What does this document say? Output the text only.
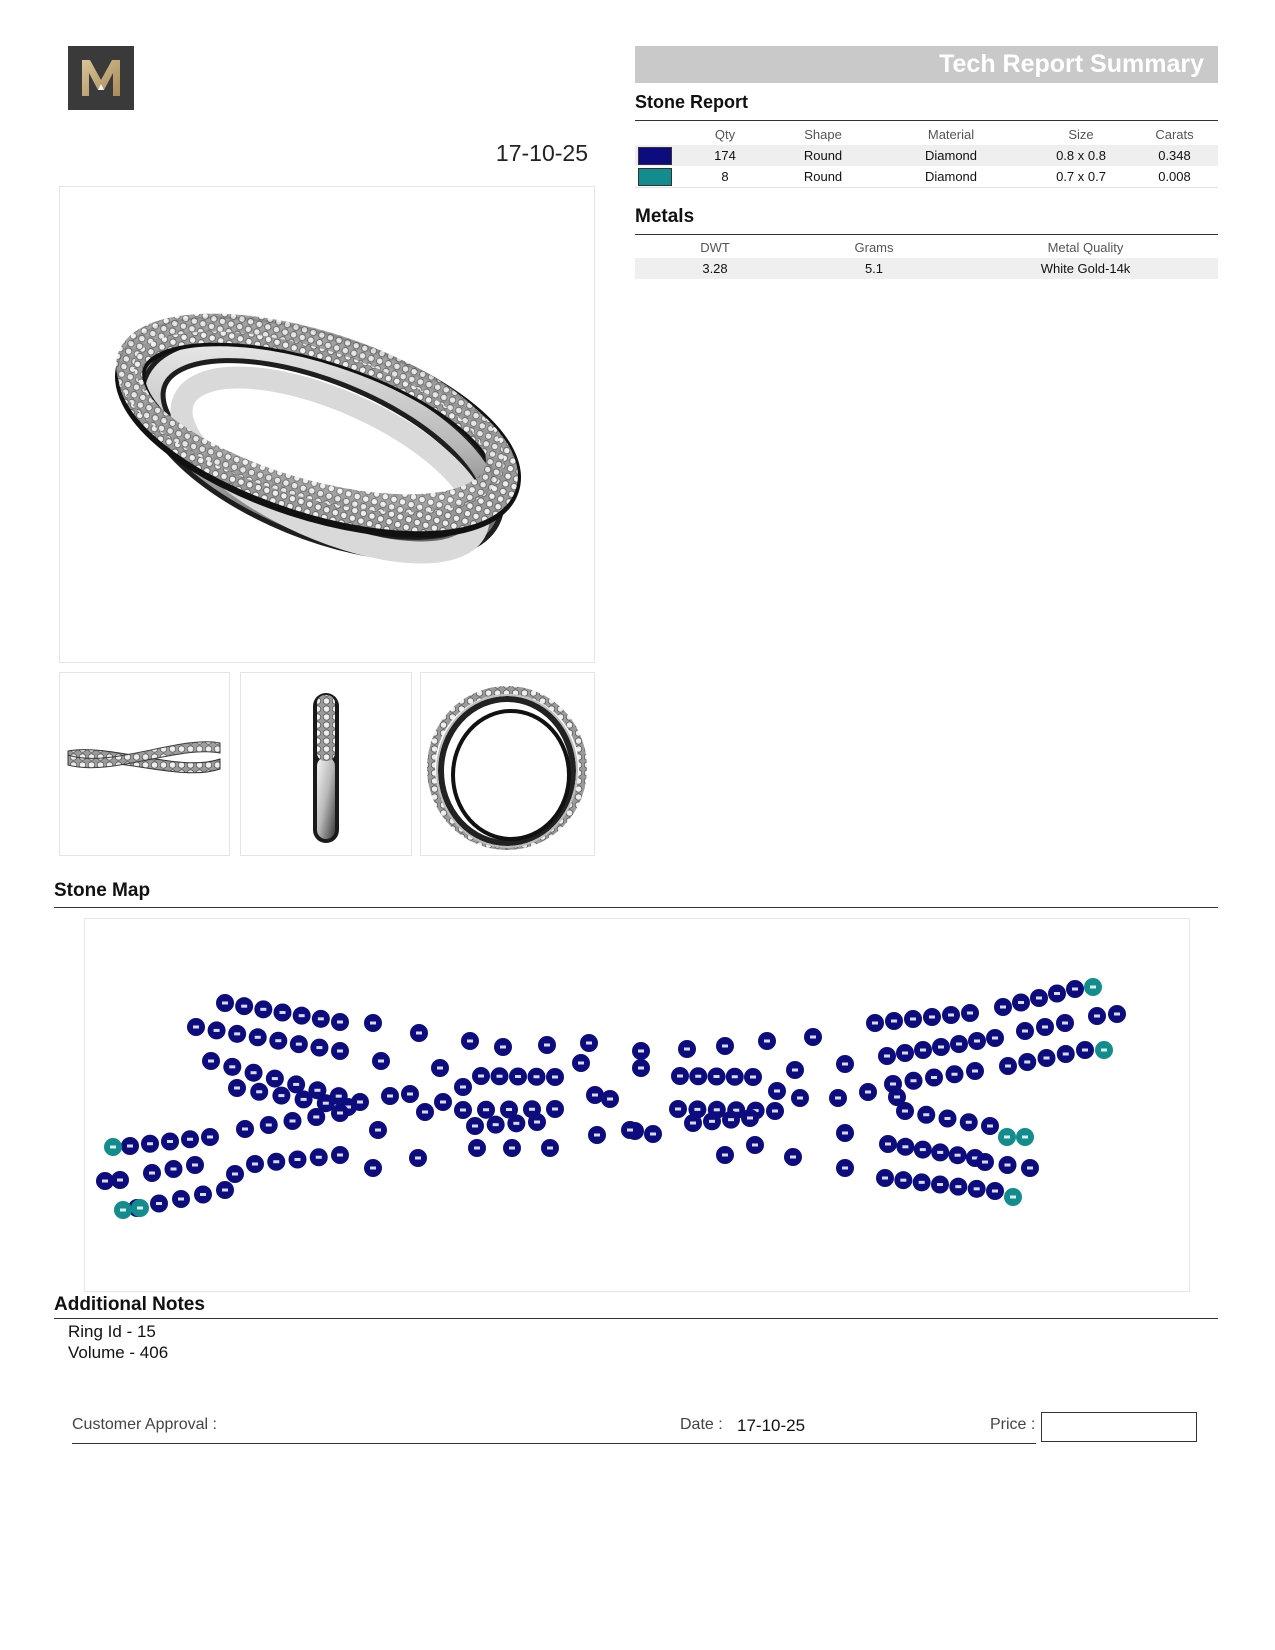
17-10-25
Tech Report Summary
Stone Report
	Qty	Shape	Material	Size	Carats
	174	Round	Diamond	0.8 x 0.8	0.348
	8	Round	Diamond	0.7 x 0.7	0.008
Metals
DWT	Grams	Metal Quality
3.28	5.1	White Gold-14k
Stone Map
Additional Notes
Ring Id - 15
Volume - 406
Customer Approval :	Date : 17-10-25	Price :
